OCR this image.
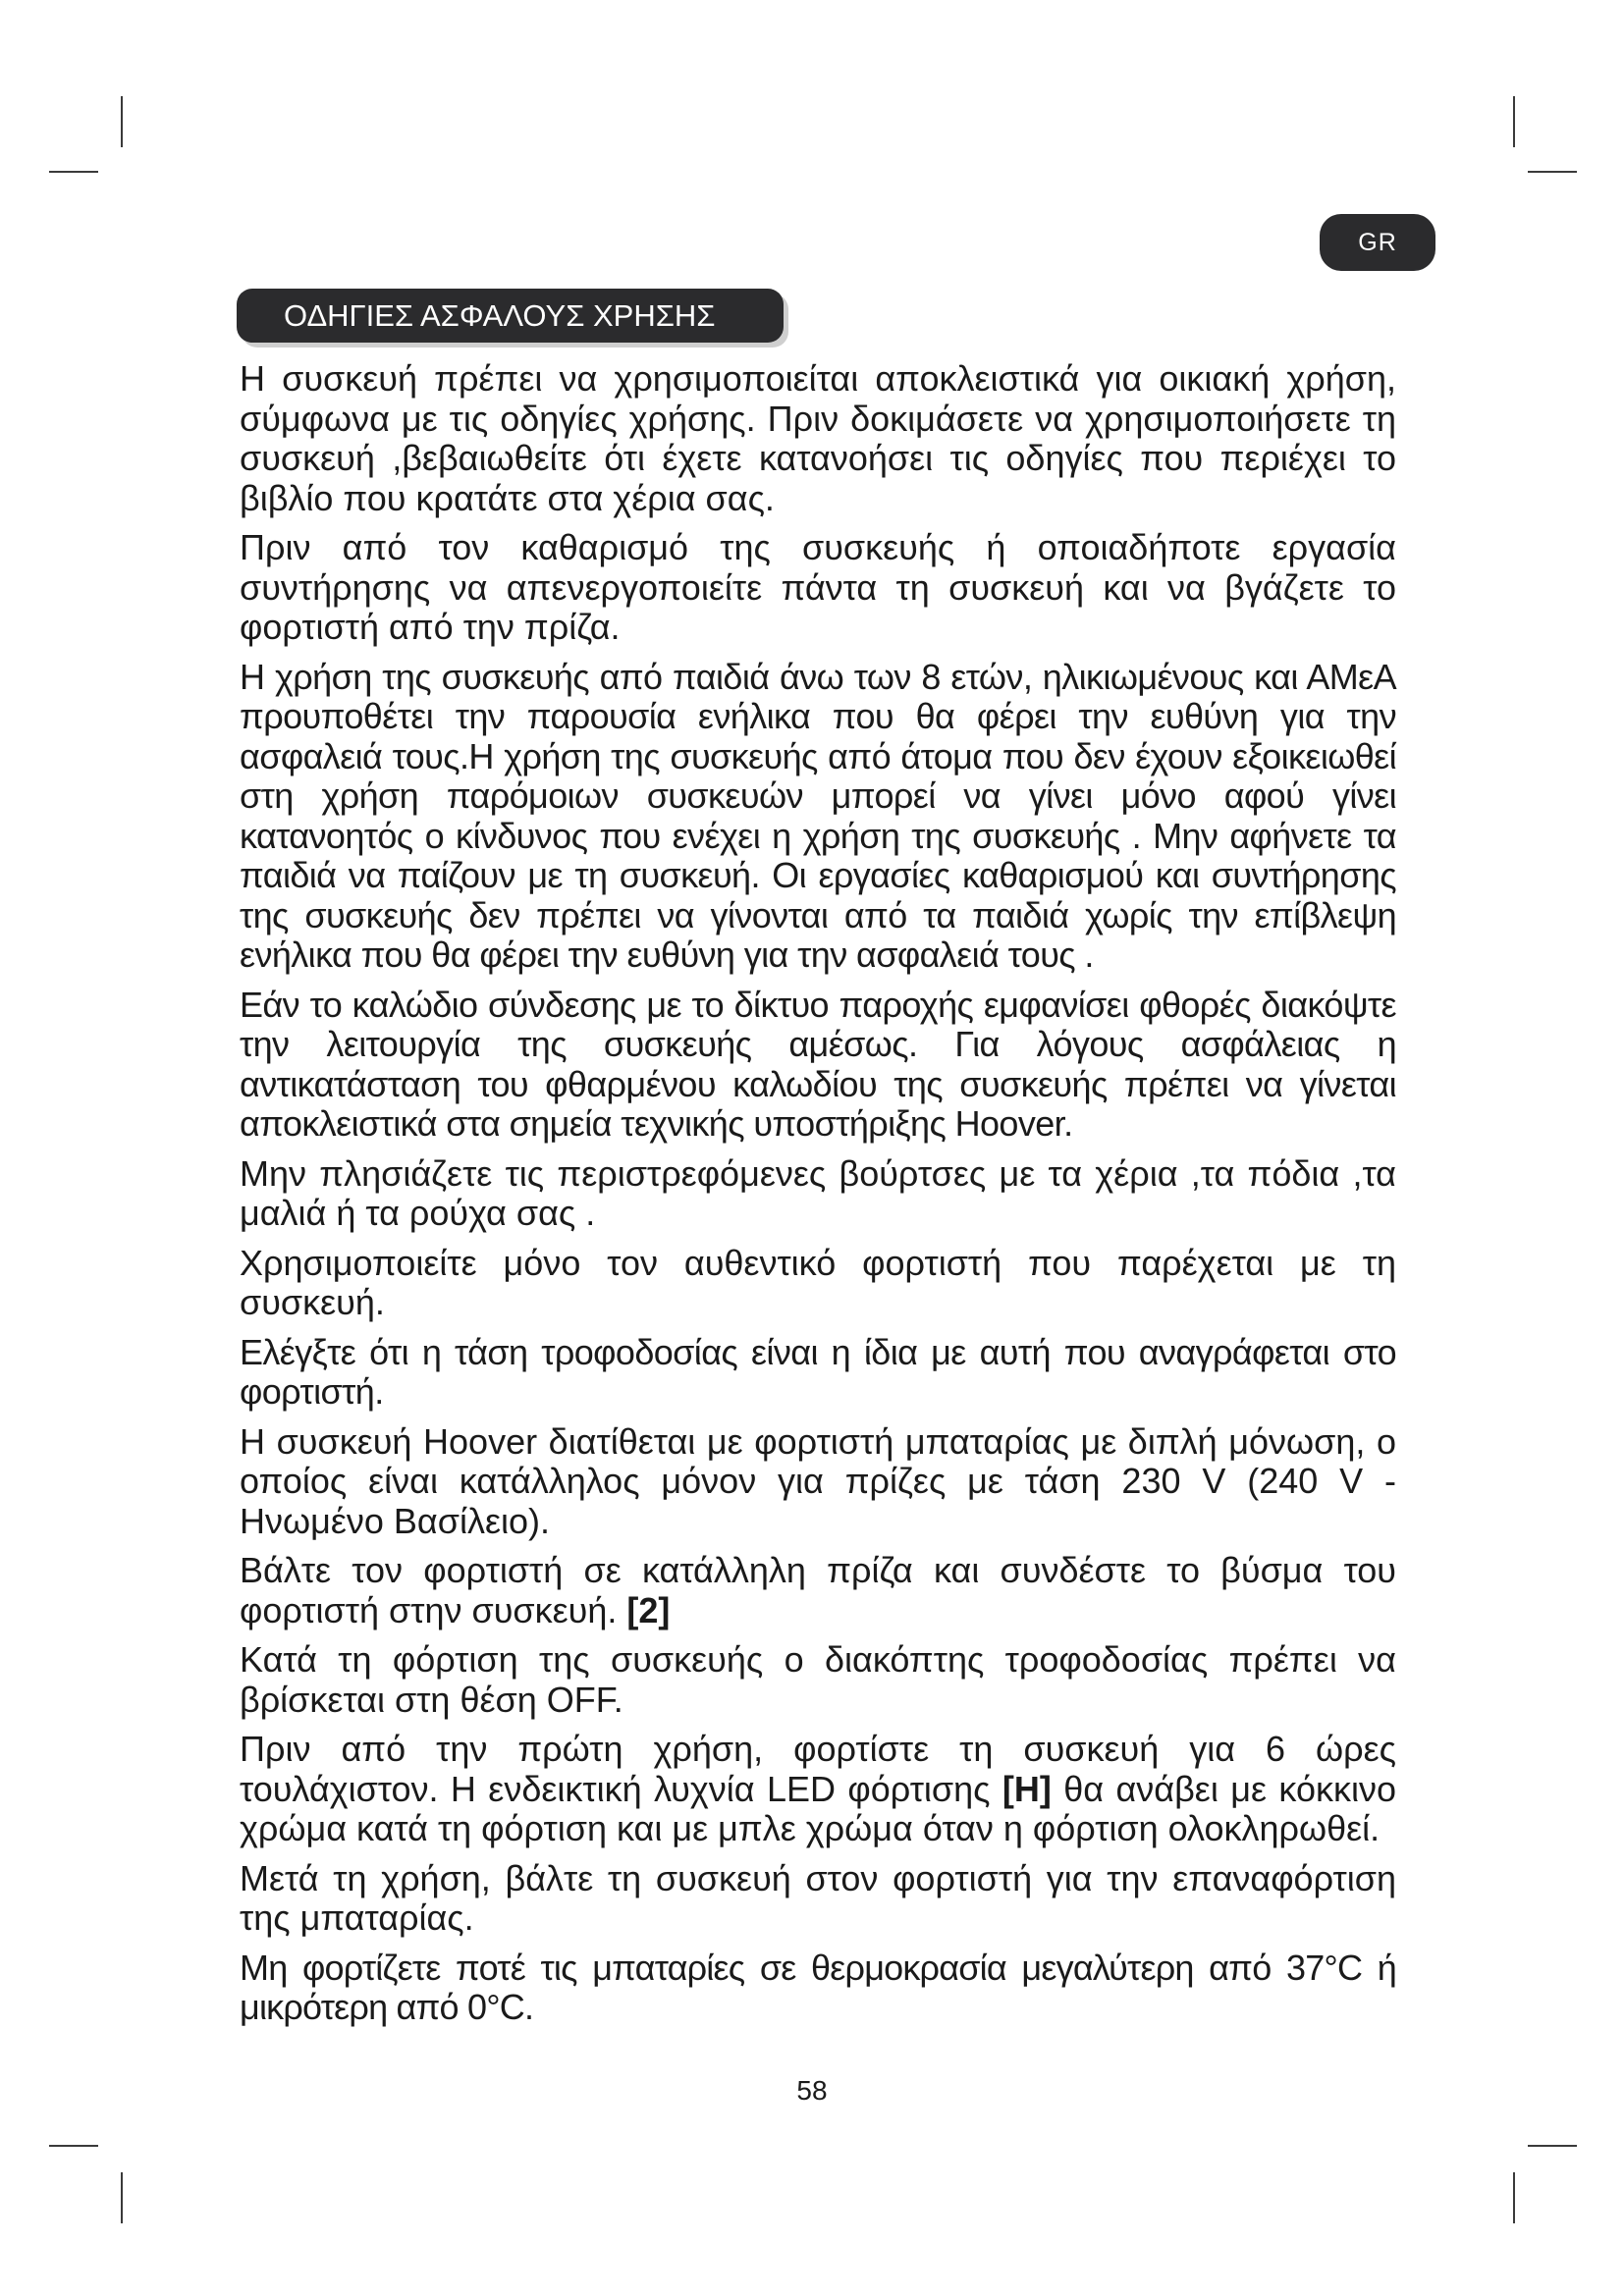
GR
ΟΔΗΓΙΕΣ ΑΣΦΑΛΟΥΣ ΧΡΗΣΗΣ

Η συσκευή πρέπει να χρησιμοποιείται αποκλειστικά για οικιακή χρήση, σύμφωνα με τις οδηγίες χρήσης. Πριν δοκιμάσετε να χρησιμοποιήσετε τη συσκευή ,βεβαιωθείτε ότι έχετε κατανοήσει τις οδηγίες που περιέχει το βιβλίο που κρατάτε στα χέρια σας.

Πριν από τον καθαρισμό της συσκευής ή οποιαδήποτε εργασία συντήρησης να απενεργοποιείτε πάντα τη συσκευή και να βγάζετε το φορτιστή από την πρίζα.

Η χρήση της συσκευής από παιδιά άνω των 8 ετών, ηλικιωμένους και ΑΜεΑ προυποθέτει την παρουσία ενήλικα που θα φέρει την ευθύνη για την ασφαλειά τους.Η χρήση της συσκευής από άτομα που δεν έχουν εξοικειωθεί στη χρήση παρόμοιων συσκευών μπορεί να γίνει μόνο αφού γίνει κατανοητός ο κίνδυνος που ενέχει η χρήση της συσκευής . Μην αφήνετε τα παιδιά να παίζουν με τη συσκευή. Οι εργασίες καθαρισμού και συντήρησης της συσκευής δεν πρέπει να γίνονται από τα παιδιά χωρίς την επίβλεψη ενήλικα που θα φέρει την ευθύνη για την ασφαλειά τους .

Εάν το καλώδιο σύνδεσης με το δίκτυο παροχής εμφανίσει φθορές διακόψτε την λειτουργία της συσκευής αμέσως. Για λόγους ασφάλειας η αντικατάσταση του φθαρμένου καλωδίου της συσκευής πρέπει να γίνεται αποκλειστικά στα σημεία τεχνικής υποστήριξης Hoover.

Μην πλησιάζετε τις περιστρεφόμενες βούρτσες με τα χέρια ,τα πόδια ,τα μαλιά ή τα ρούχα σας .

Χρησιμοποιείτε μόνο τον αυθεντικό φορτιστή που παρέχεται με τη συσκευή.

Ελέγξτε ότι η τάση τροφοδοσίας είναι η ίδια με αυτή που αναγράφεται στο φορτιστή.

Η συσκευή Hoover διατίθεται με φορτιστή μπαταρίας με διπλή μόνωση, ο οποίος είναι κατάλληλος μόνον για πρίζες με τάση 230 V (240 V - Ηνωμένο Βασίλειο).

Βάλτε τον φορτιστή σε κατάλληλη πρίζα και συνδέστε το βύσμα του φορτιστή στην συσκευή. [2]

Κατά τη φόρτιση της συσκευής ο διακόπτης τροφοδοσίας πρέπει να βρίσκεται στη θέση OFF.

Πριν από την πρώτη χρήση, φορτίστε τη συσκευή για 6 ώρες τουλάχιστον. Η ενδεικτική λυχνία LED φόρτισης [H] θα ανάβει με κόκκινο χρώμα κατά τη φόρτιση και με μπλε χρώμα όταν η φόρτιση ολοκληρωθεί.

Μετά τη χρήση, βάλτε τη συσκευή στον φορτιστή για την επαναφόρτιση της μπαταρίας.

Μη φορτίζετε ποτέ τις μπαταρίες σε θερμοκρασία μεγαλύτερη από 37°C ή μικρότερη από 0°C.

58
